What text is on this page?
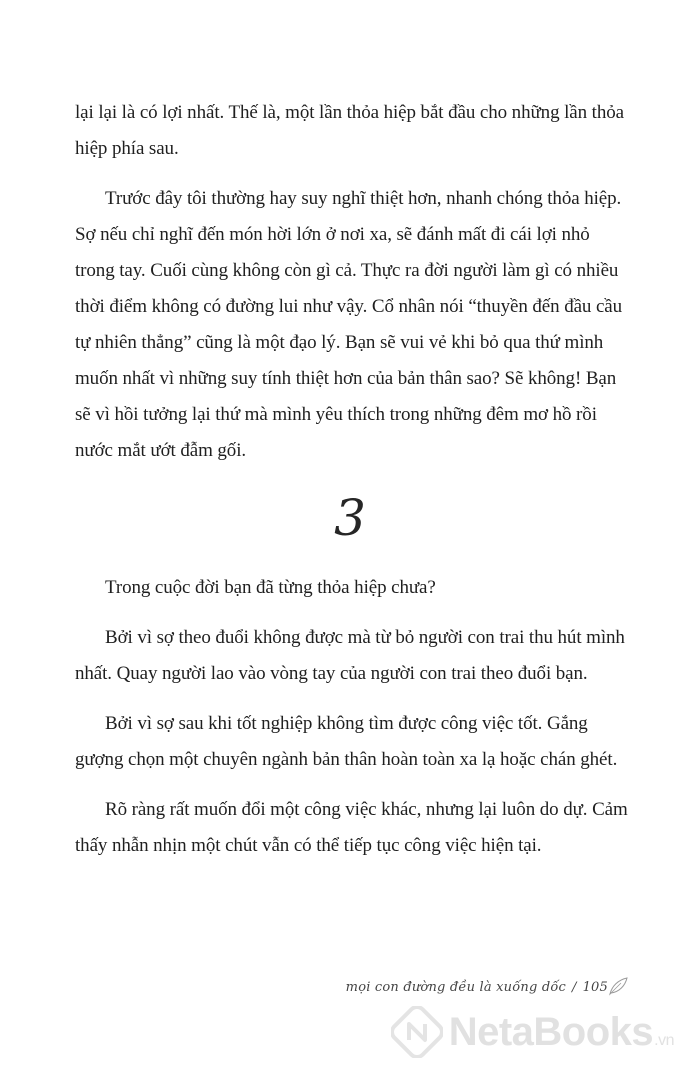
lại lại là có lợi nhất. Thế là, một lần thỏa hiệp bắt đầu cho những lần thỏa hiệp phía sau.

Trước đây tôi thường hay suy nghĩ thiệt hơn, nhanh chóng thỏa hiệp. Sợ nếu chỉ nghĩ đến món hời lớn ở nơi xa, sẽ đánh mất đi cái lợi nhỏ trong tay. Cuối cùng không còn gì cả. Thực ra đời người làm gì có nhiều thời điểm không có đường lui như vậy. Cổ nhân nói “thuyền đến đầu cầu tự nhiên thẳng” cũng là một đạo lý. Bạn sẽ vui vẻ khi bỏ qua thứ mình muốn nhất vì những suy tính thiệt hơn của bản thân sao? Sẽ không! Bạn sẽ vì hồi tưởng lại thứ mà mình yêu thích trong những đêm mơ hồ rồi nước mắt ướt đẫm gối.

3

Trong cuộc đời bạn đã từng thỏa hiệp chưa?

Bởi vì sợ theo đuổi không được mà từ bỏ người con trai thu hút mình nhất. Quay người lao vào vòng tay của người con trai theo đuổi bạn.

Bởi vì sợ sau khi tốt nghiệp không tìm được công việc tốt. Gắng gượng chọn một chuyên ngành bản thân hoàn toàn xa lạ hoặc chán ghét.

Rõ ràng rất muốn đổi một công việc khác, nhưng lại luôn do dự. Cảm thấy nhẫn nhịn một chút vẫn có thể tiếp tục công việc hiện tại.

mọi con đường đều là xuống dốc / 105
NetaBooks .vn
